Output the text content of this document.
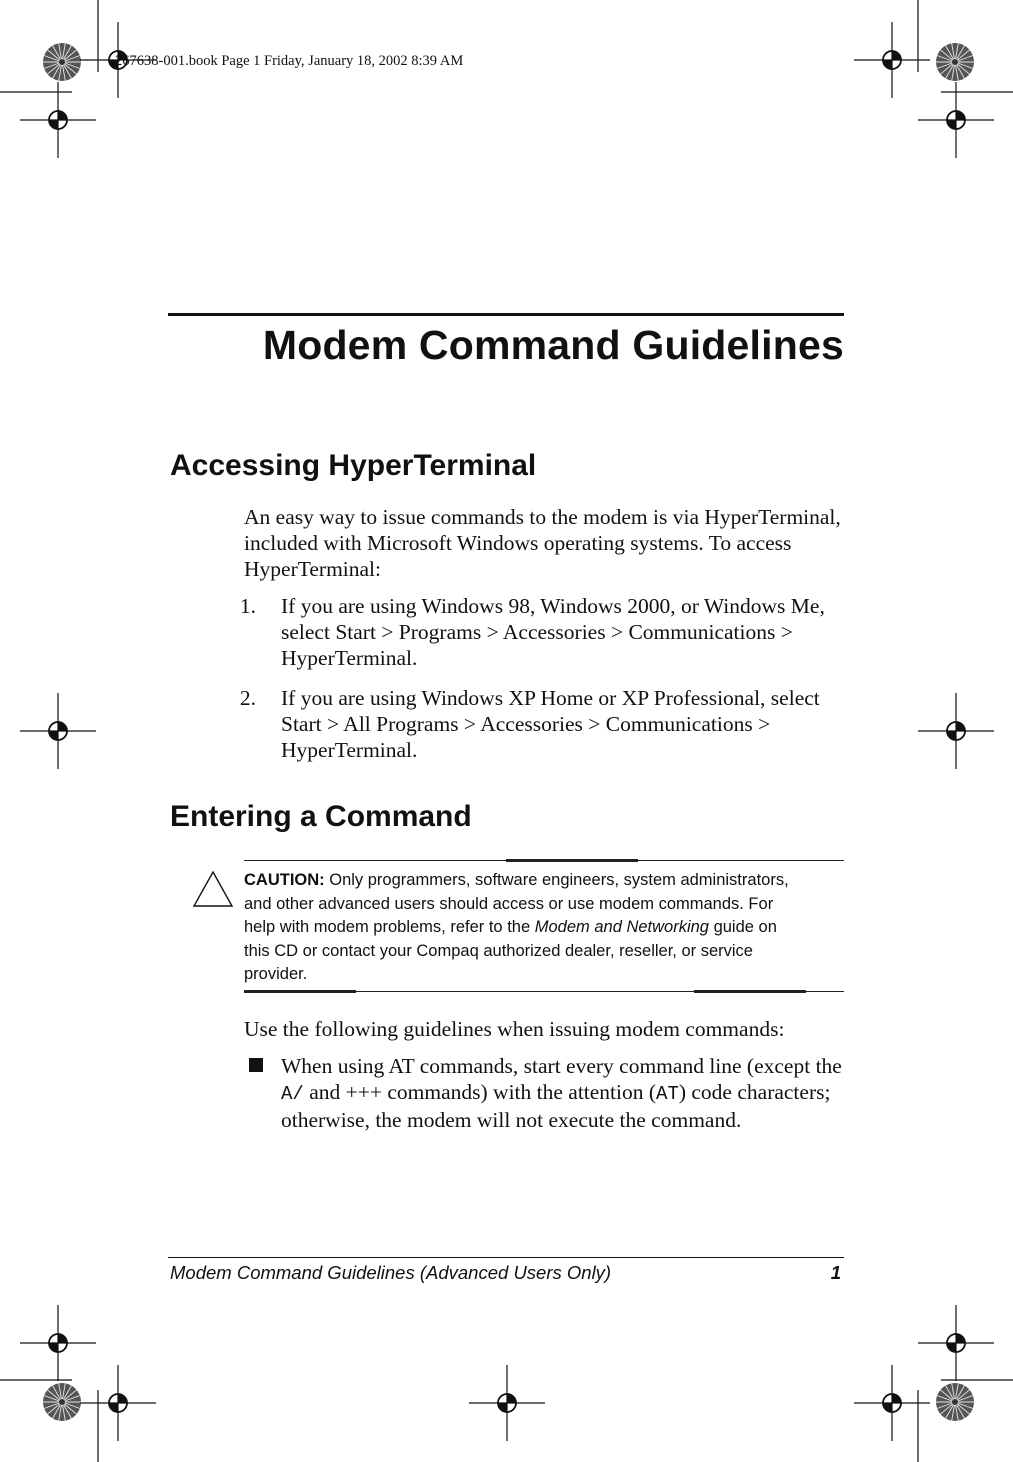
267638-001.book Page 1 Friday, January 18, 2002 8:39 AM
Modem Command Guidelines
Accessing HyperTerminal
An easy way to issue commands to the modem is via HyperTerminal, included with Microsoft Windows operating systems. To access HyperTerminal:
1. If you are using Windows 98, Windows 2000, or Windows Me, select Start > Programs > Accessories > Communications > HyperTerminal.
2. If you are using Windows XP Home or XP Professional, select Start > All Programs > Accessories > Communications > HyperTerminal.
Entering a Command
CAUTION: Only programmers, software engineers, system administrators, and other advanced users should access or use modem commands. For help with modem problems, refer to the Modem and Networking guide on this CD or contact your Compaq authorized dealer, reseller, or service provider.
Use the following guidelines when issuing modem commands:
When using AT commands, start every command line (except the A/ and +++ commands) with the attention (AT) code characters; otherwise, the modem will not execute the command.
Modem Command Guidelines (Advanced Users Only)	1
